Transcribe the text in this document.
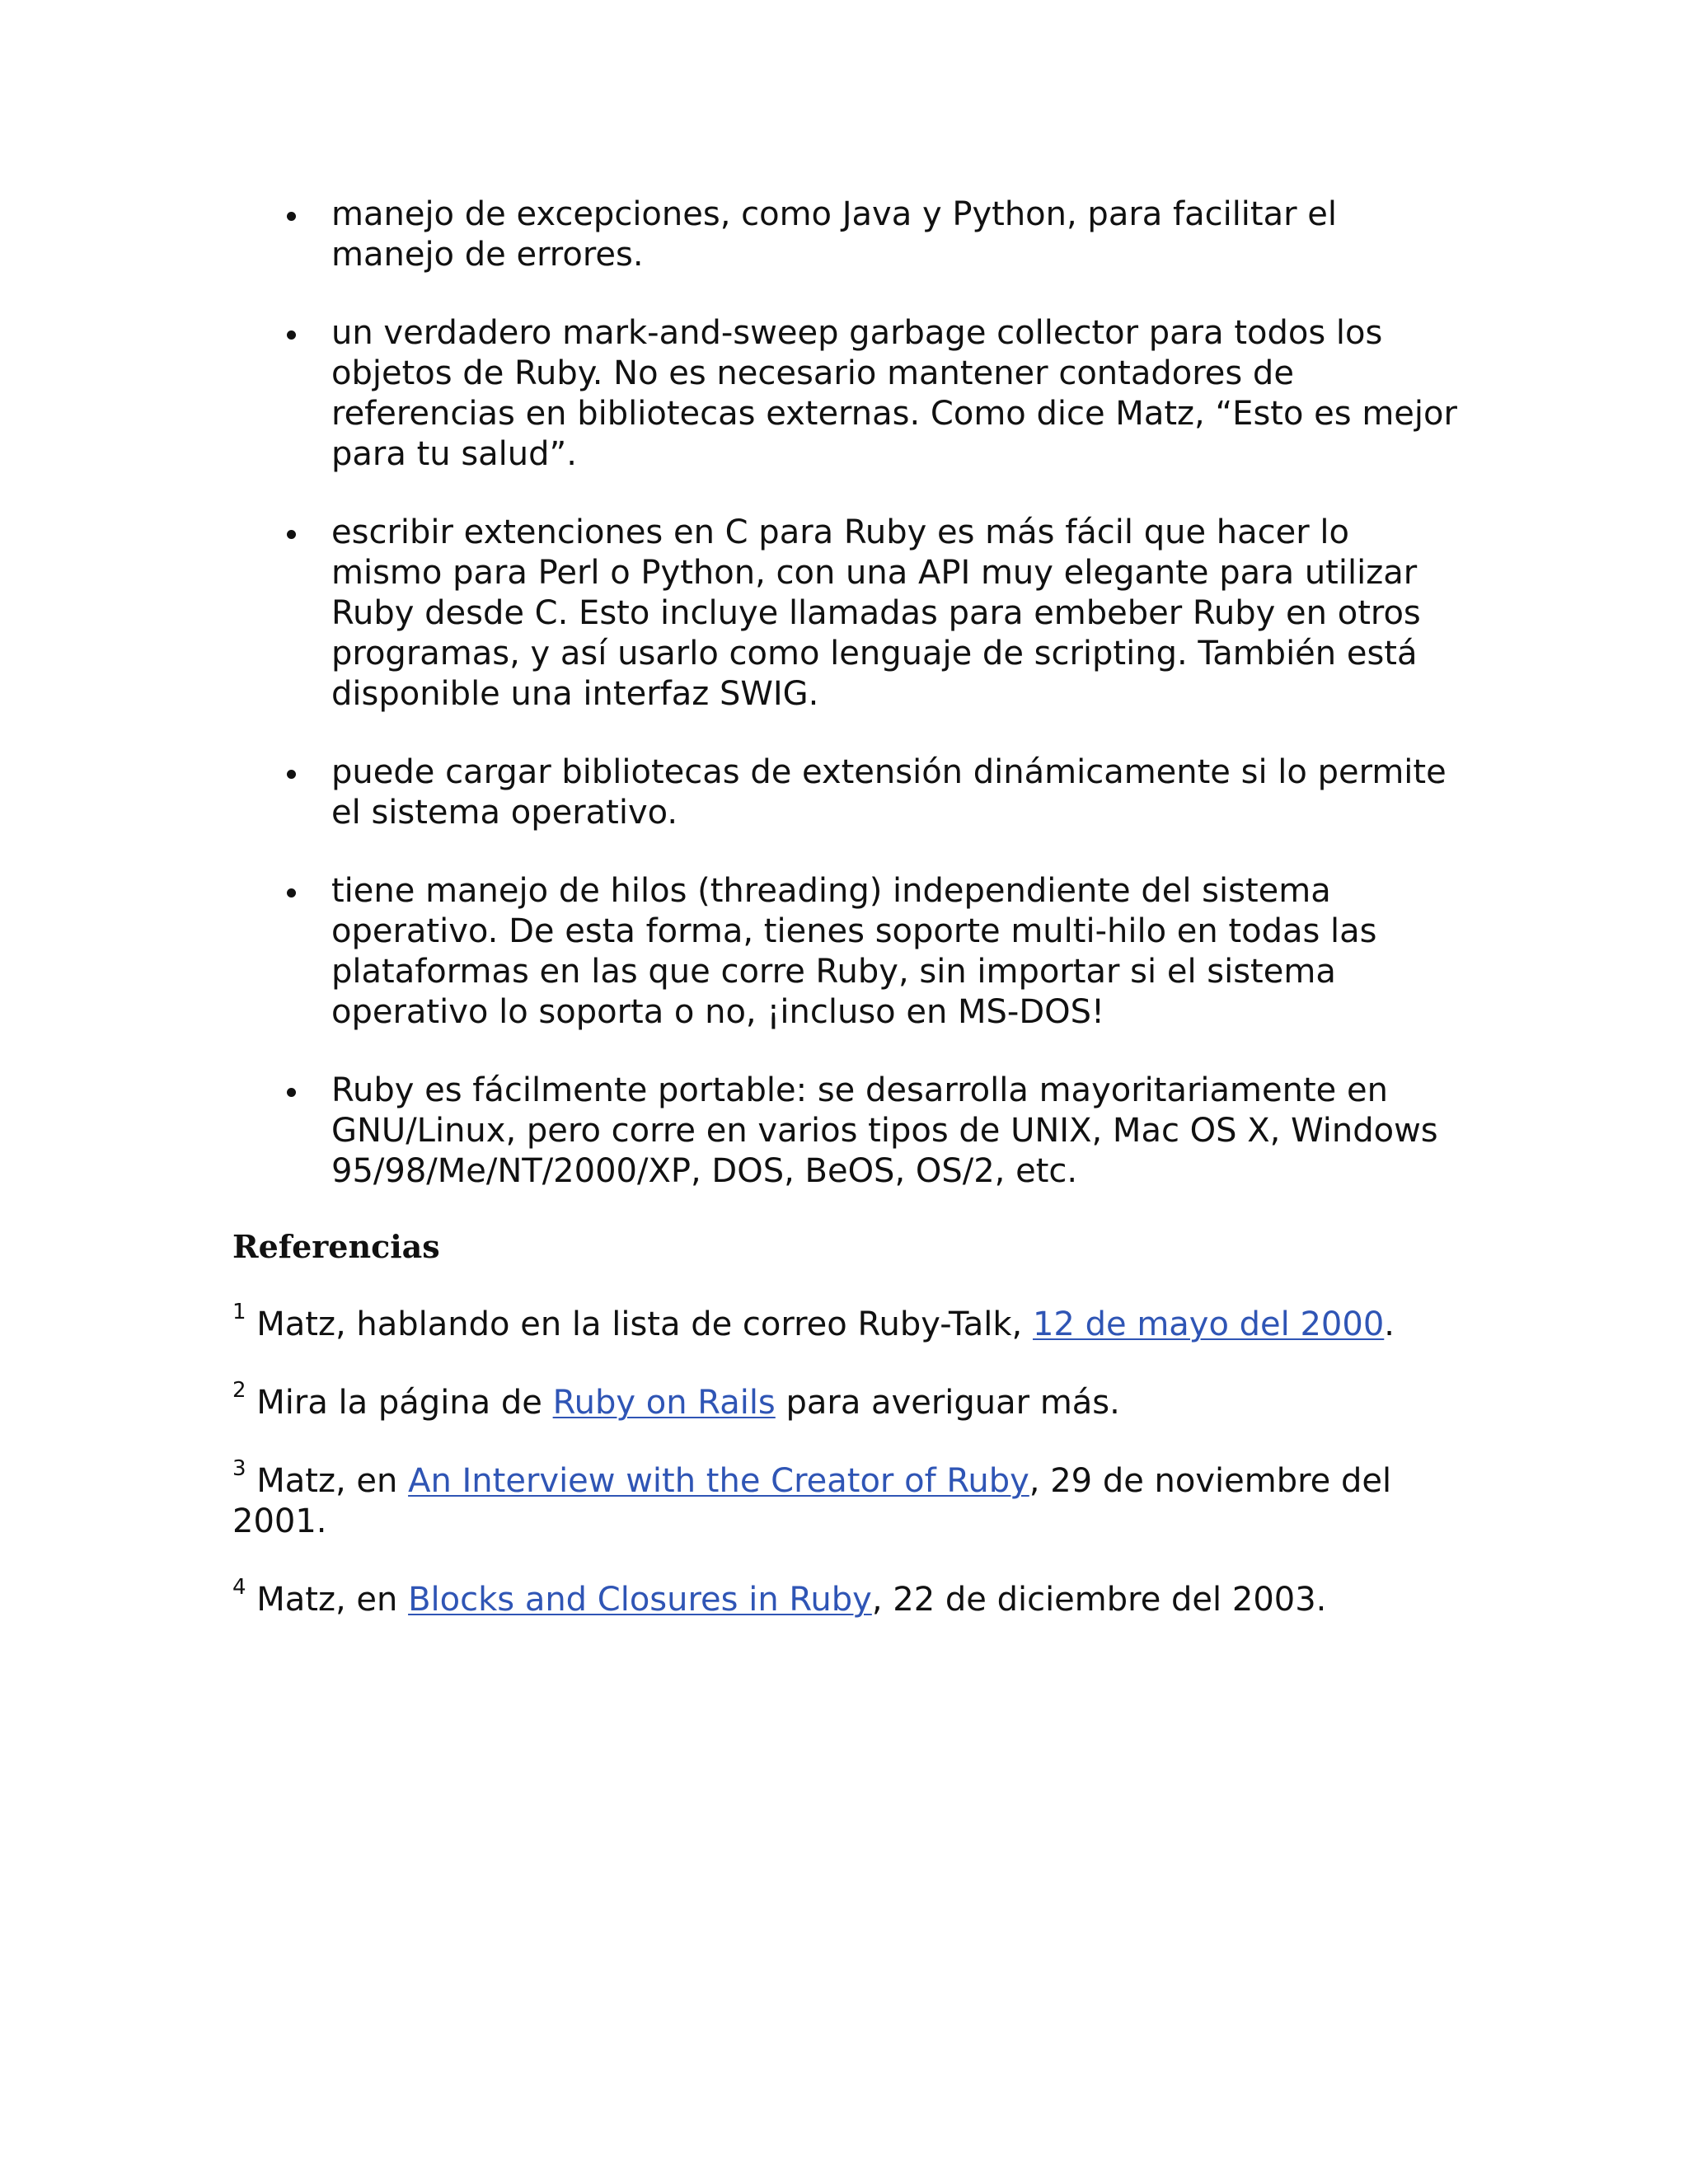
manejo de excepciones, como Java y Python, para facilitar el manejo de errores.
un verdadero mark-and-sweep garbage collector para todos los objetos de Ruby. No es necesario mantener contadores de referencias en bibliotecas externas. Como dice Matz, “Esto es mejor para tu salud”.
escribir extenciones en C para Ruby es más fácil que hacer lo mismo para Perl o Python, con una API muy elegante para utilizar Ruby desde C. Esto incluye llamadas para embeber Ruby en otros programas, y así usarlo como lenguaje de scripting. También está disponible una interfaz SWIG.
puede cargar bibliotecas de extensión dinámicamente si lo permite el sistema operativo.
tiene manejo de hilos (threading) independiente del sistema operativo. De esta forma, tienes soporte multi-hilo en todas las plataformas en las que corre Ruby, sin importar si el sistema operativo lo soporta o no, ¡incluso en MS-DOS!
Ruby es fácilmente portable: se desarrolla mayoritariamente en GNU/Linux, pero corre en varios tipos de UNIX, Mac OS X, Windows 95/98/Me/NT/2000/XP, DOS, BeOS, OS/2, etc.
Referencias
$^1$ Matz, hablando en la lista de correo Ruby-Talk, 12 de mayo del 2000.
$^2$ Mira la página de Ruby on Rails para averiguar más.
$^3$ Matz, en An Interview with the Creator of Ruby, 29 de noviembre del 2001.
$^4$ Matz, en Blocks and Closures in Ruby, 22 de diciembre del 2003.
